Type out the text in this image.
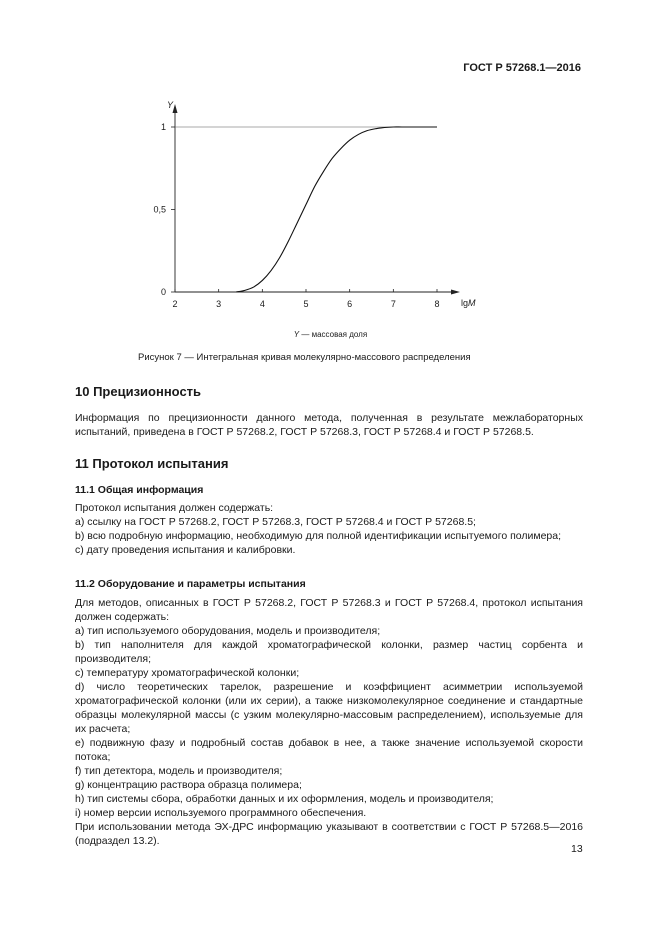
ГОСТ Р 57268.1—2016
Y
lgM
2	3	4	5	6	7	8
0
0,5
1
Y — массовая доля
Рисунок 7 — Интегральная кривая молекулярно-массового распределения
10 Прецизионность

Информация по прецизионности данного метода, полученная в результате межлабораторных испытаний, приведена в ГОСТ Р 57268.2, ГОСТ Р 57268.3, ГОСТ Р 57268.4 и ГОСТ Р 57268.5.

11 Протокол испытания
11.1 Общая информация

Протокол испытания должен содержать:

a) ссылку на ГОСТ Р 57268.2, ГОСТ Р 57268.3, ГОСТ Р 57268.4 и ГОСТ Р 57268.5;

b) всю подробную информацию, необходимую для полной идентификации испытуемого полимера;

c) дату проведения испытания и калибровки.

11.2 Оборудование и параметры испытания

Для методов, описанных в ГОСТ Р 57268.2, ГОСТ Р 57268.3 и ГОСТ Р 57268.4, протокол испытания должен содержать:

a) тип используемого оборудования, модель и производителя;

b) тип наполнителя для каждой хроматографической колонки, размер частиц сорбента и производителя;

c) температуру хроматографической колонки;

d) число теоретических тарелок, разрешение и коэффициент асимметрии используемой хроматографической колонки (или их серии), а также низкомолекулярное соединение и стандартные образцы молекулярной массы (с узким молекулярно-массовым распределением), используемые для их расчета;

e) подвижную фазу и подробный состав добавок в нее, а также значение используемой скорости потока;

f) тип детектора, модель и производителя;

g) концентрацию раствора образца полимера;

h) тип системы сбора, обработки данных и их оформления, модель и производителя;

i) номер версии используемого программного обеспечения.

При использовании метода ЭХ-ДРС информацию указывают в соответствии с ГОСТ Р 57268.5—2016 (подраздел 13.2).

13
